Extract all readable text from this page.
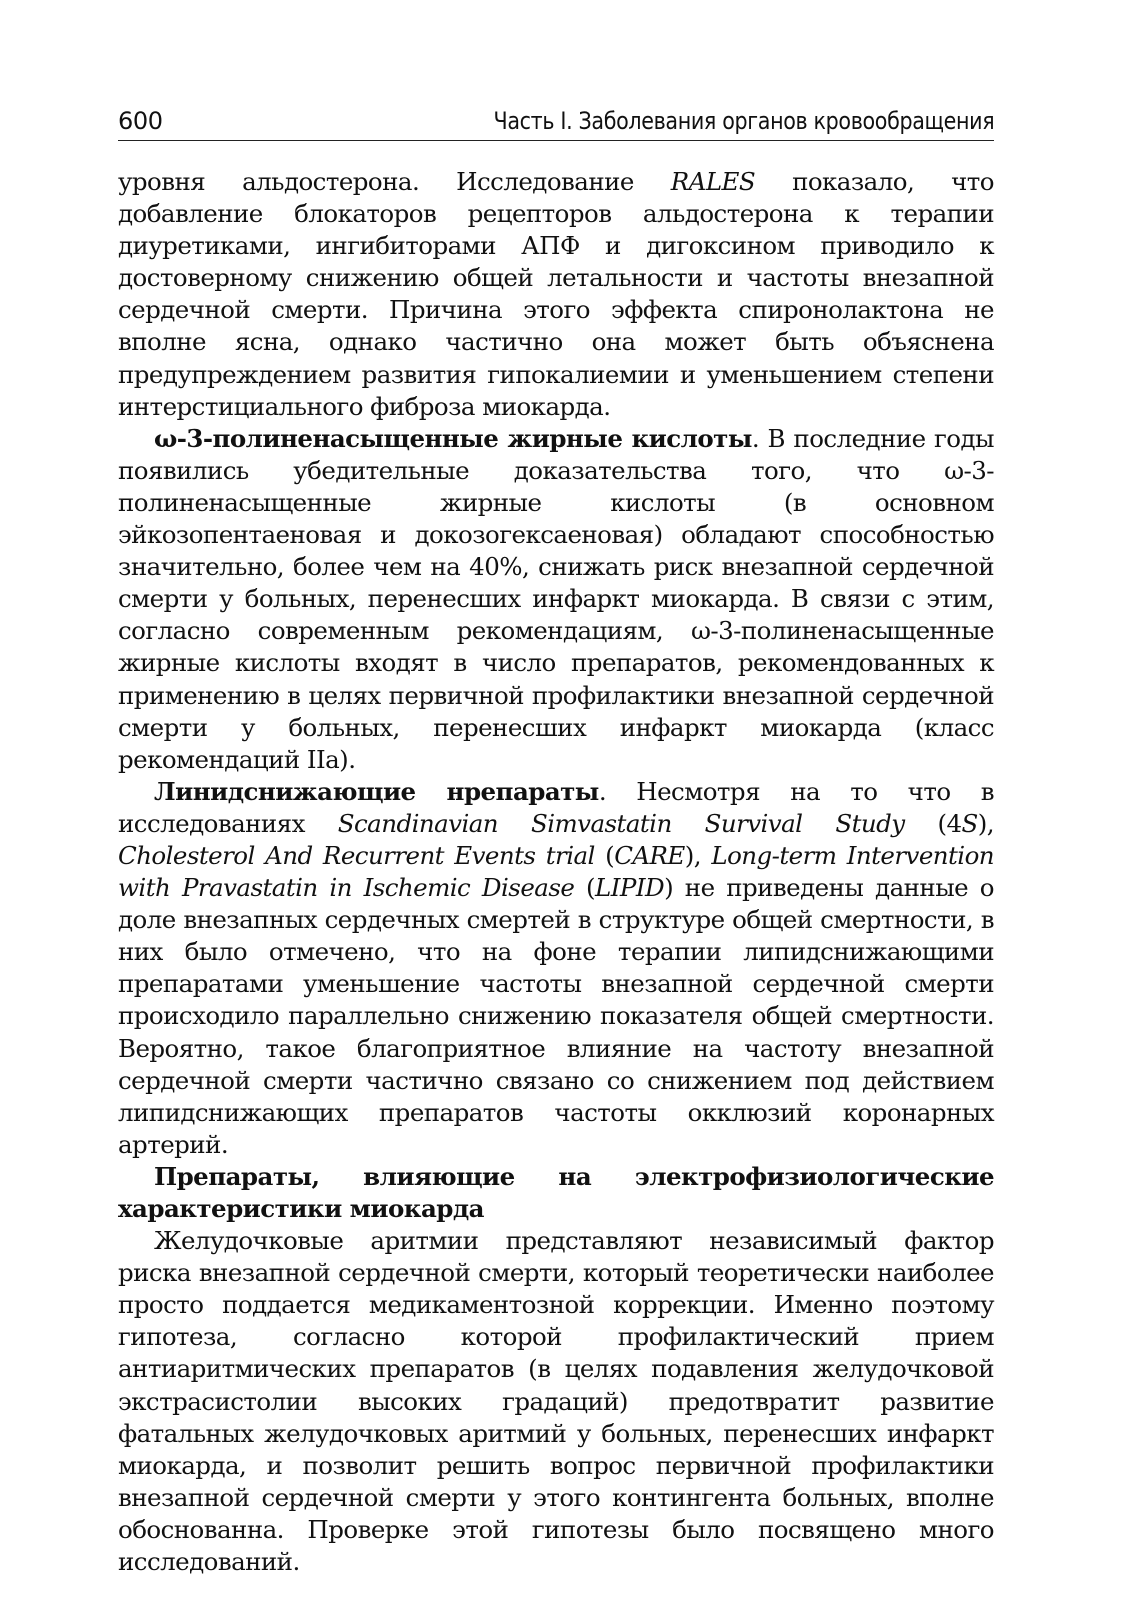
600	Часть I. Заболевания органов кровообращения

уровня альдостерона. Исследование RALES показало, что добавление блокаторов рецепторов альдостерона к терапии диуретиками, ингибиторами АПФ и дигоксином приводило к достоверному снижению общей летальности и частоты внезапной сердечной смерти. Причина этого эффекта спиронолактона не вполне ясна, однако частично она может быть объяснена предупреждением развития гипокалиемии и уменьшением степени интерстициального фиброза миокарда.

ω-3-полиненасыщенные жирные кислоты. В последние годы появились убедительные доказательства того, что ω-3-полиненасыщенные жирные кислоты (в основном эйкозопентаеновая и докозогексаеновая) обладают способностью значительно, более чем на 40%, снижать риск внезапной сердечной смерти у больных, перенесших инфаркт миокарда. В связи с этим, согласно современным рекомендациям, ω-3-полиненасыщенные жирные кислоты входят в число препаратов, рекомендованных к применению в целях первичной профилактики внезапной сердечной смерти у больных, перенесших инфаркт миокарда (класс рекомендаций IIa).

Линидснижающие нрепараты. Несмотря на то что в исследованиях Scandinavian Simvastatin Survival Study (4S), Cholesterol And Recurrent Events trial (CARE), Long-term Intervention with Pravastatin in Ischemic Disease (LIPID) не приведены данные о доле внезапных сердечных смертей в структуре общей смертности, в них было отмечено, что на фоне терапии липидснижающими препаратами уменьшение частоты внезапной сердечной смерти происходило параллельно снижению показателя общей смертности. Вероятно, такое благоприятное влияние на частоту внезапной сердечной смерти частично связано со снижением под действием липидснижающих препаратов частоты окклюзий коронарных артерий.

Препараты, влияющие на электрофизиологические характеристики миокарда

Желудочковые аритмии представляют независимый фактор риска внезапной сердечной смерти, который теоретически наиболее просто поддается медикаментозной коррекции. Именно поэтому гипотеза, согласно которой профилактический прием антиаритмических препаратов (в целях подавления желудочковой экстрасистолии высоких градаций) предотвратит развитие фатальных желудочковых аритмий у больных, перенесших инфаркт миокарда, и позволит решить вопрос первичной профилактики внезапной сердечной смерти у этого контингента больных, вполне обоснованна. Проверке этой гипотезы было посвящено много исследований.
